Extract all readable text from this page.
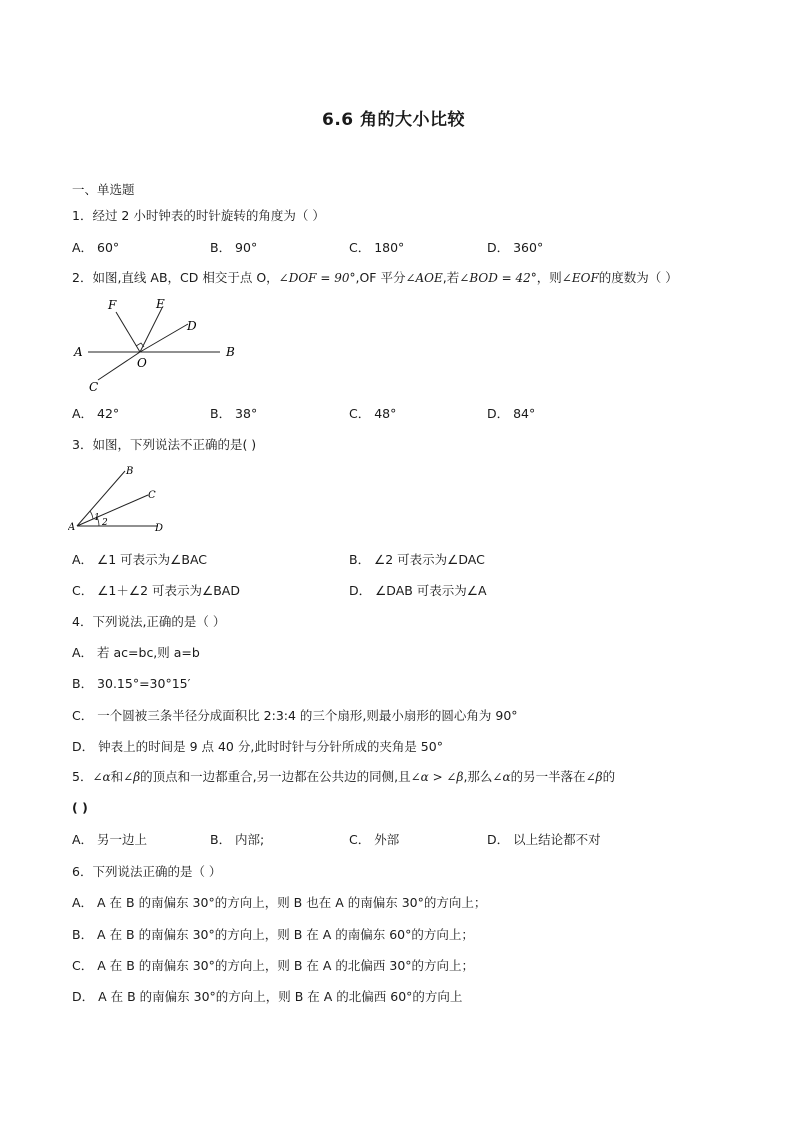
6.6 角的大小比较
一、单选题
1．经过 2 小时钟表的时针旋转的角度为（ ）
A． 60°	B． 90°	C． 180°	D． 360°
2．如图,直线 AB，CD 相交于点 O，∠DOF = 90°,OF 平分∠AOE,若∠BOD = 42°，则∠EOF的度数为（ ）
A	B
C
D
E
F
O
A． 42°	B． 38°	C． 48°	D． 84°
3．如图，下列说法不正确的是( )
A
B
C
D
1 2
A． ∠1 可表示为∠BAC	B． ∠2 可表示为∠DAC
C． ∠1＋∠2 可表示为∠BAD	D． ∠DAB 可表示为∠A
4．下列说法,正确的是（ ）
A． 若 ac=bc,则 a=b
B． 30.15°=30°15′
C． 一个圆被三条半径分成面积比 2:3:4 的三个扇形,则最小扇形的圆心角为 90°
D． 钟表上的时间是 9 点 40 分,此时时针与分针所成的夹角是 50°
5．∠α和∠β的顶点和一边都重合,另一边都在公共边的同侧,且∠α > ∠β,那么∠α的另一半落在∠β的
( )
A． 另一边上	B． 内部;	C． 外部	D． 以上结论都不对
6．下列说法正确的是（ ）
A． A 在 B 的南偏东 30°的方向上，则 B 也在 A 的南偏东 30°的方向上；
B． A 在 B 的南偏东 30°的方向上，则 B 在 A 的南偏东 60°的方向上；
C． A 在 B 的南偏东 30°的方向上，则 B 在 A 的北偏西 30°的方向上；
D． A 在 B 的南偏东 30°的方向上，则 B 在 A 的北偏西 60°的方向上
